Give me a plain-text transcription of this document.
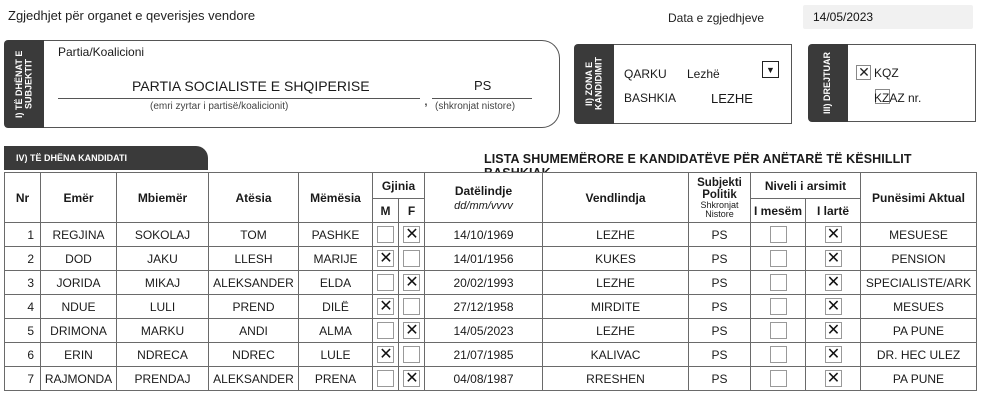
Zgjedhjet për organet e qeverisjes vendore	Data e zgjedhjeve	14/05/2023
I) TË DHËNAT E SUBJEKTIT
Partia/Koalicioni
PARTIA SOCIALISTE E SHQIPERISE
(emri zyrtar i partisë/koalicionit)	,
PS
(shkronjat nistore)
II) ZONA E KANDIDIMIT QARKU Lezhë	▼
BASHKIA	LEZHE	III) DREJTUAR ✕	KQZ
KZAZ nr.
IV) TË DHËNA KANDIDATI	LISTA SHUMEMËRORE E KANDIDATËVE PËR ANËTARË TË KËSHILLIT
Nr	Emër	Mbiemër	Atësia	Mëmësia	Gjinia		Datëlindje
dd/mm/vvvv	Vendlindja	Subjekti Politik
Shkronjat Nistore	Niveli i arsimit		Punësimi Aktual
					M	F				I mesëm	I lartë	
1	REGJINA	SOKOLAJ	TOM	PASHKE		✕	14/10/1969	LEZHE	PS		✕	MESUESE
2	DOD	JAKU	LLESH	MARIJE	✕		14/01/1956	KUKES	PS		✕	PENSION
3	JORIDA	MIKAJ	ALEKSANDER	ELDA		✕	20/02/1993	LEZHE	PS		✕	SPECIALISTE/ARK
4	NDUE	LULI	PREND	DILË	✕		27/12/1958	MIRDITE	PS		✕	MESUES
5	DRIMONA	MARKU	ANDI	ALMA		✕	14/05/2023	LEZHE	PS		✕	PA PUNE
6	ERIN	NDRECA	NDREC	LULE	✕		21/07/1985	KALIVAC	PS		✕	DR. HEC ULEZ
7	RAJMONDA	PRENDAJ	ALEKSANDER	PRENA		✕	04/08/1987	RRESHEN	PS		✕	PA PUNE
